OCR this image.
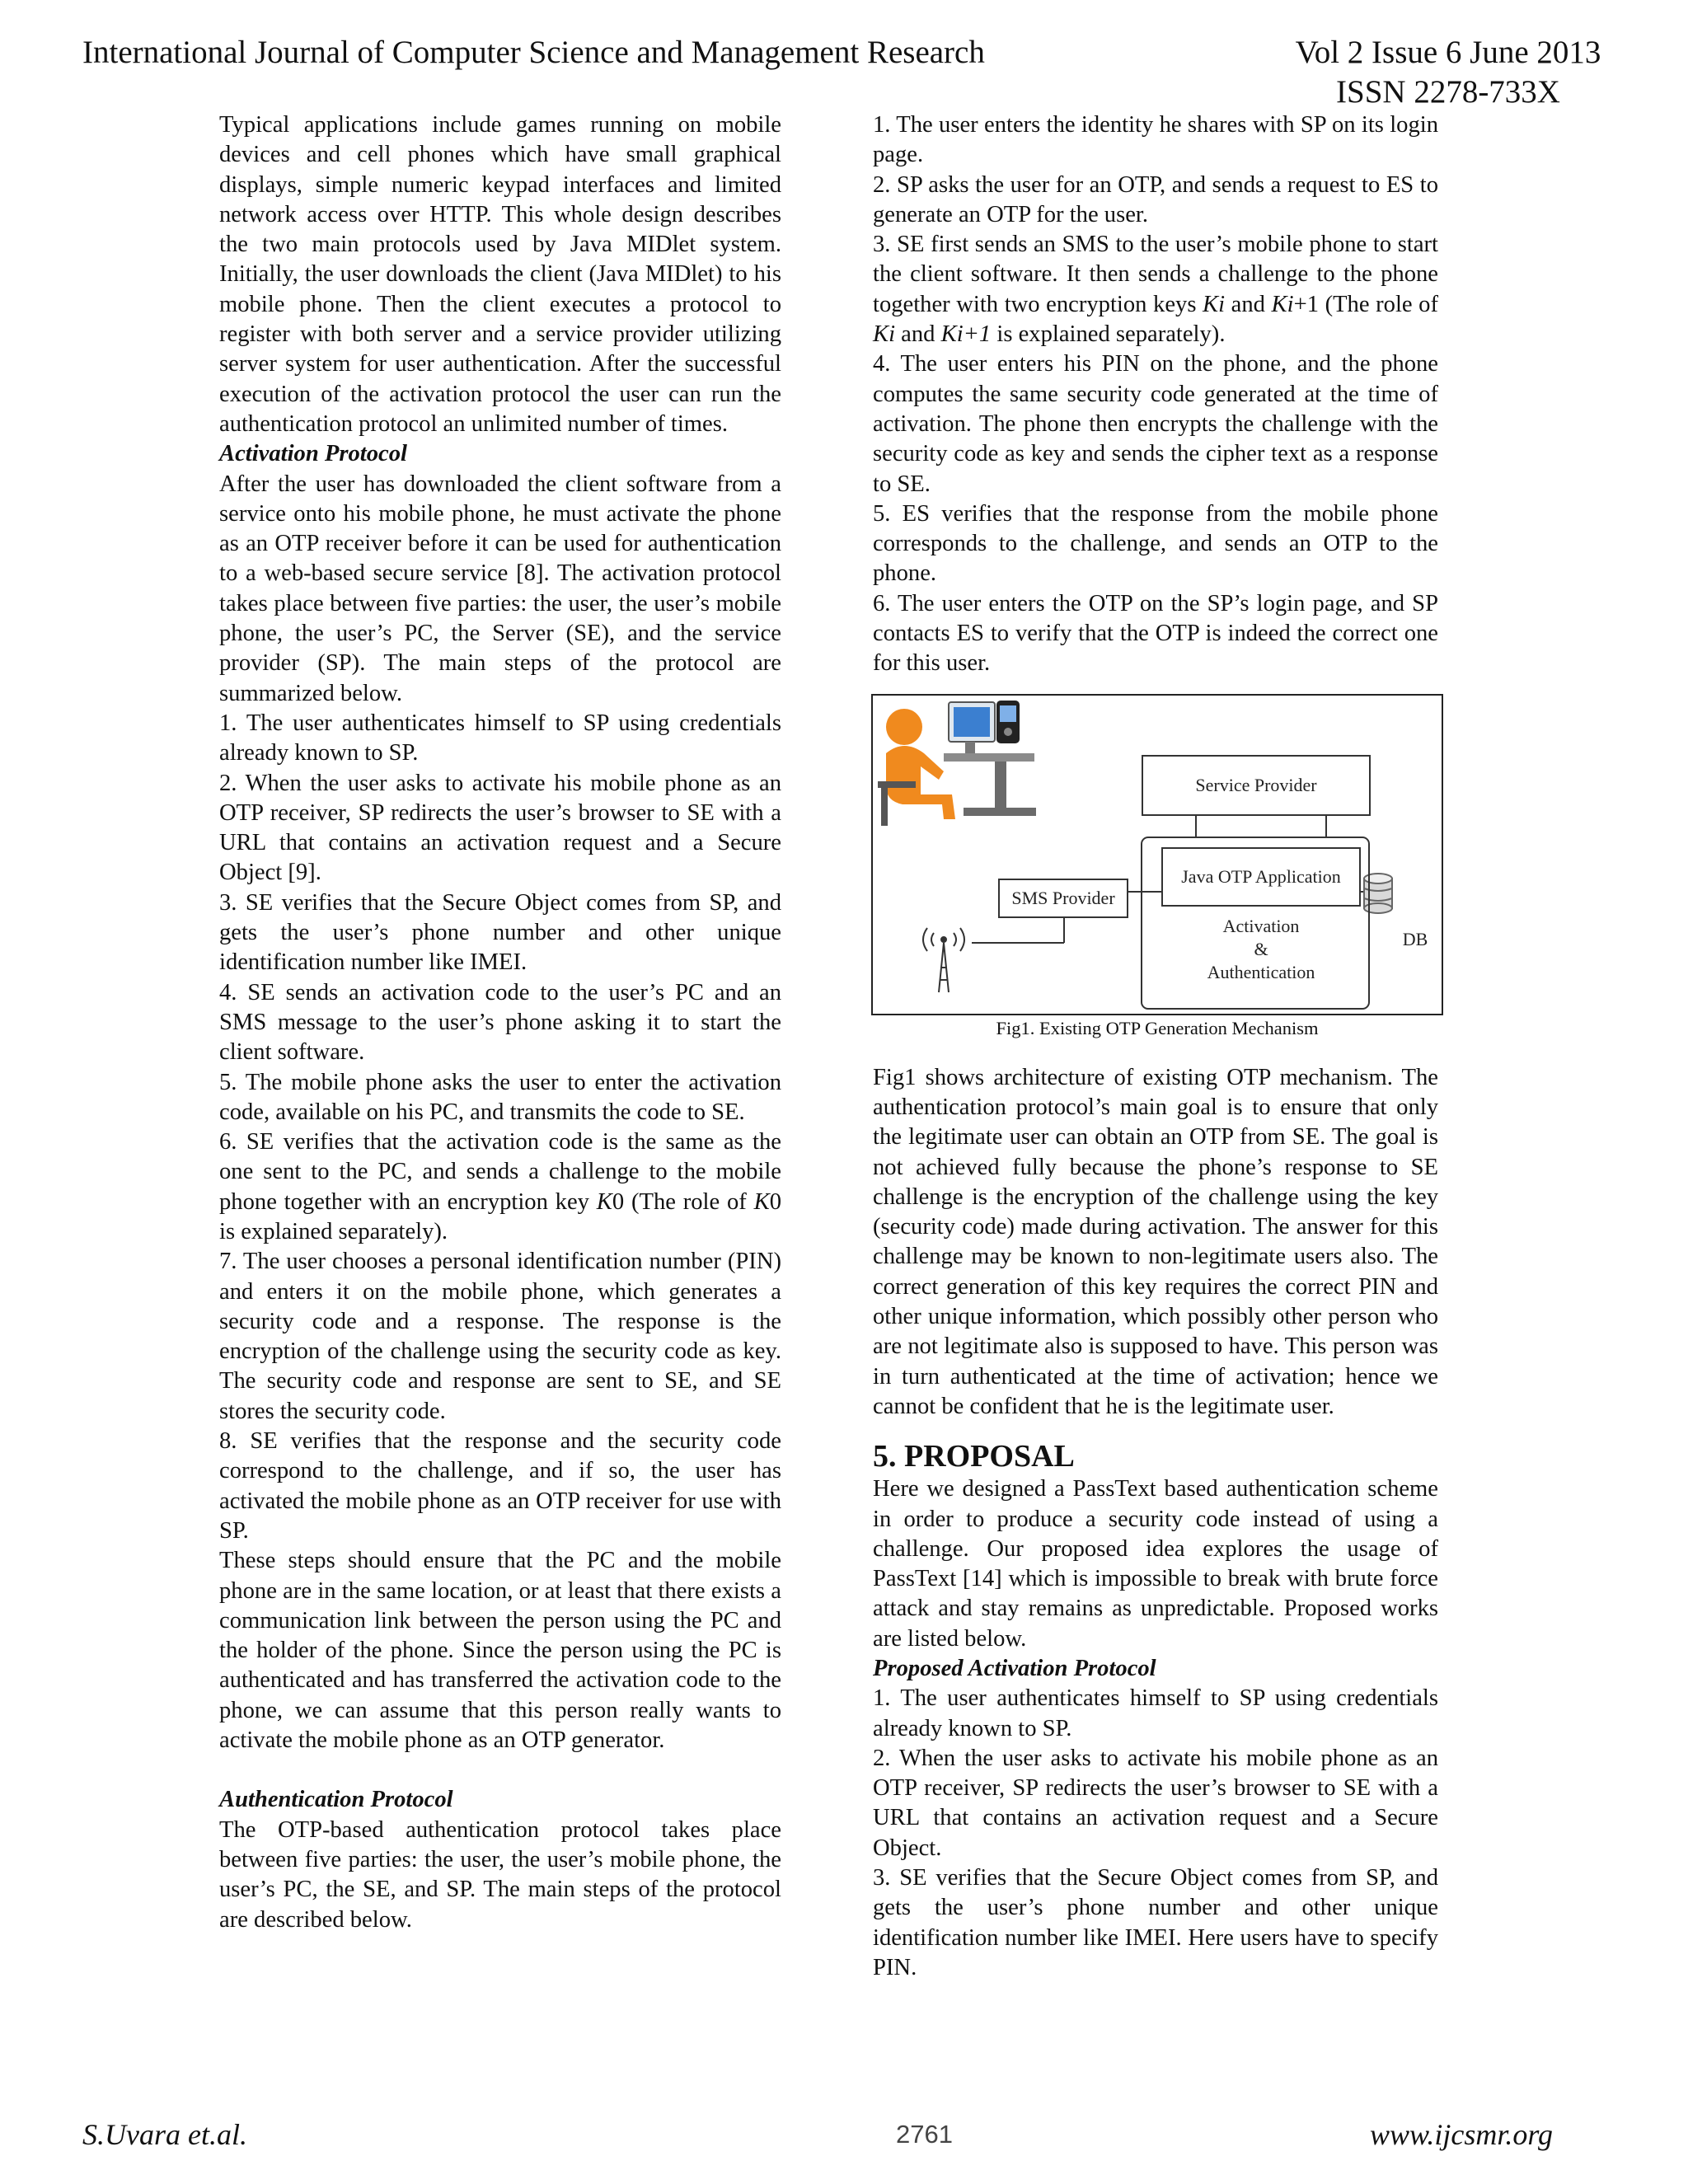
International Journal of Computer Science and Management Research	Vol 2 Issue 6 June 2013
ISSN 2278-733X

Typical applications include games running on mobile devices and cell phones which have small graphical displays, simple numeric keypad interfaces and limited network access over HTTP. This whole design describes the two main protocols used by Java MIDlet system. Initially, the user downloads the client (Java MIDlet) to his mobile phone. Then the client executes a protocol to register with both server and a service provider utilizing server system for user authentication. After the successful execution of the activation protocol the user can run the authentication protocol an unlimited number of times.

Activation Protocol

After the user has downloaded the client software from a service onto his mobile phone, he must activate the phone as an OTP receiver before it can be used for authentication to a web-based secure service [8]. The activation protocol takes place between five parties: the user, the user’s mobile phone, the user’s PC, the Server (SE), and the service provider (SP). The main steps of the protocol are summarized below.

1. The user authenticates himself to SP using credentials already known to SP.

2. When the user asks to activate his mobile phone as an OTP receiver, SP redirects the user’s browser to SE with a URL that contains an activation request and a Secure Object [9].

3. SE verifies that the Secure Object comes from SP, and gets the user’s phone number and other unique identification number like IMEI.

4. SE sends an activation code to the user’s PC and an SMS message to the user’s phone asking it to start the client software.

5. The mobile phone asks the user to enter the activation code, available on his PC, and transmits the code to SE.

6. SE verifies that the activation code is the same as the one sent to the PC, and sends a challenge to the mobile phone together with an encryption key K0 (The role of K0 is explained separately).

7. The user chooses a personal identification number (PIN) and enters it on the mobile phone, which generates a security code and a response. The response is the encryption of the challenge using the security code as key. The security code and response are sent to SE, and SE stores the security code.

8. SE verifies that the response and the security code correspond to the challenge, and if so, the user has activated the mobile phone as an OTP receiver for use with SP.

These steps should ensure that the PC and the mobile phone are in the same location, or at least that there exists a communication link between the person using the PC and the holder of the phone. Since the person using the PC is authenticated and has transferred the activation code to the phone, we can assume that this person really wants to activate the mobile phone as an OTP generator.

Authentication Protocol

The OTP-based authentication protocol takes place between five parties: the user, the user’s mobile phone, the user’s PC, the SE, and SP. The main steps of the protocol are described below.

1. The user enters the identity he shares with SP on its login page.

2. SP asks the user for an OTP, and sends a request to ES to generate an OTP for the user.

3. SE first sends an SMS to the user’s mobile phone to start the client software. It then sends a challenge to the phone together with two encryption keys Ki and Ki+1 (The role of Ki and Ki+1 is explained separately).

4. The user enters his PIN on the phone, and the phone computes the same security code generated at the time of activation. The phone then encrypts the challenge with the security code as key and sends the cipher text as a response to SE.

5. ES verifies that the response from the mobile phone corresponds to the challenge, and sends an OTP to the phone.

6. The user enters the OTP on the SP’s login page, and SP contacts ES to verify that the OTP is indeed the correct one for this user.

Service Provider
Java OTP Application
SMS Provider
Activation
&
Authentication
DB
Fig1. Existing OTP Generation Mechanism

Fig1 shows architecture of existing OTP mechanism. The authentication protocol’s main goal is to ensure that only the legitimate user can obtain an OTP from SE. The goal is not achieved fully because the phone’s response to SE challenge is the encryption of the challenge using the key (security code) made during activation. The answer for this challenge may be known to non-legitimate users also. The correct generation of this key requires the correct PIN and other unique information, which possibly other person who are not legitimate also is supposed to have. This person was in turn authenticated at the time of activation; hence we cannot be confident that he is the legitimate user.

5. PROPOSAL

Here we designed a PassText based authentication scheme in order to produce a security code instead of using a challenge. Our proposed idea explores the usage of PassText [14] which is impossible to break with brute force attack and stay remains as unpredictable. Proposed works are listed below.

Proposed Activation Protocol

1. The user authenticates himself to SP using credentials already known to SP.

2. When the user asks to activate his mobile phone as an OTP receiver, SP redirects the user’s browser to SE with a URL that contains an activation request and a Secure Object.

3. SE verifies that the Secure Object comes from SP, and gets the user’s phone number and other unique identification number like IMEI. Here users have to specify PIN.

S.Uvara et.al.	2761	www.ijcsmr.org
